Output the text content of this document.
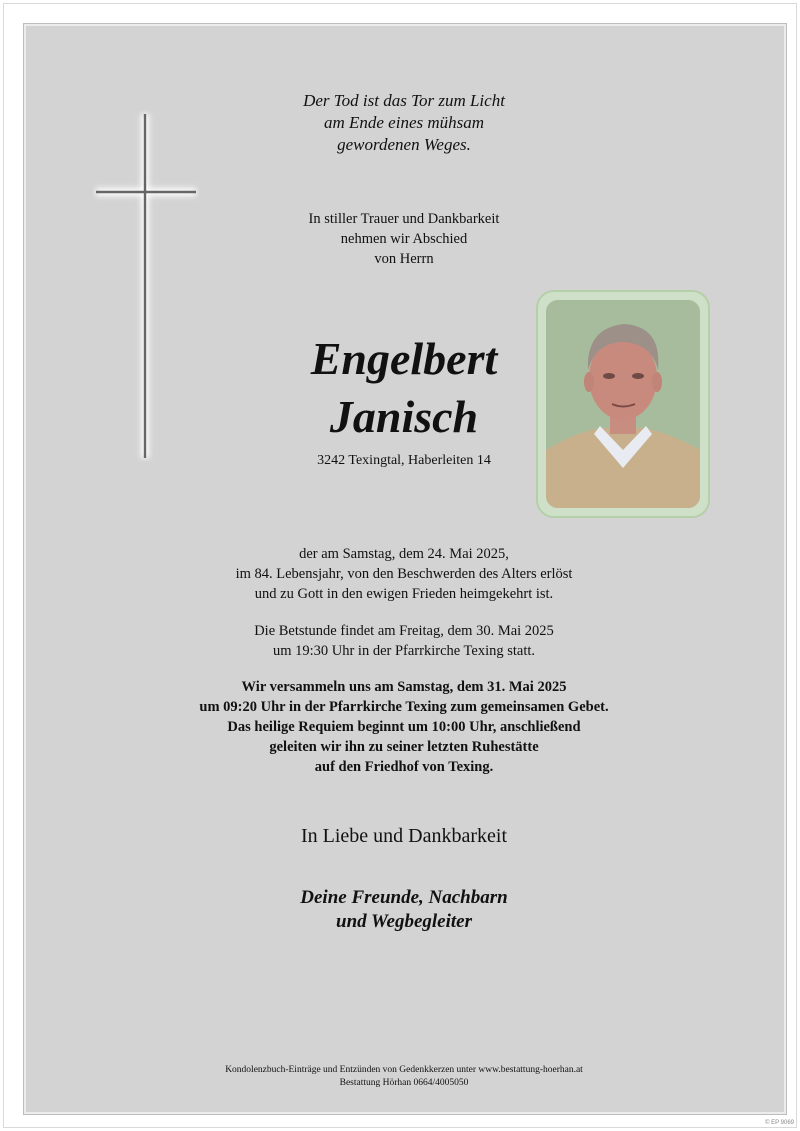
Der Tod ist das Tor zum Licht
am Ende eines mühsam
gewordenen Weges.
In stiller Trauer und Dankbarkeit
nehmen wir Abschied
von Herrn
Engelbert
Janisch
3242 Texingtal, Haberleiten 14
der am Samstag, dem 24. Mai 2025,
im 84. Lebensjahr, von den Beschwerden des Alters erlöst
und zu Gott in den ewigen Frieden heimgekehrt ist.
Die Betstunde findet am Freitag, dem 30. Mai 2025
um 19:30 Uhr in der Pfarrkirche Texing statt.
Wir versammeln uns am Samstag, dem 31. Mai 2025
um 09:20 Uhr in der Pfarrkirche Texing zum gemeinsamen Gebet.
Das heilige Requiem beginnt um 10:00 Uhr, anschließend
geleiten wir ihn zu seiner letzten Ruhestätte
auf den Friedhof von Texing.
In Liebe und Dankbarkeit
Deine Freunde, Nachbarn
und Wegbegleiter
Kondolenzbuch-Einträge und Entzünden von Gedenkkerzen unter www.bestattung-hoerhan.at
Bestattung Hörhan 0664/4005050
© EP 9069
